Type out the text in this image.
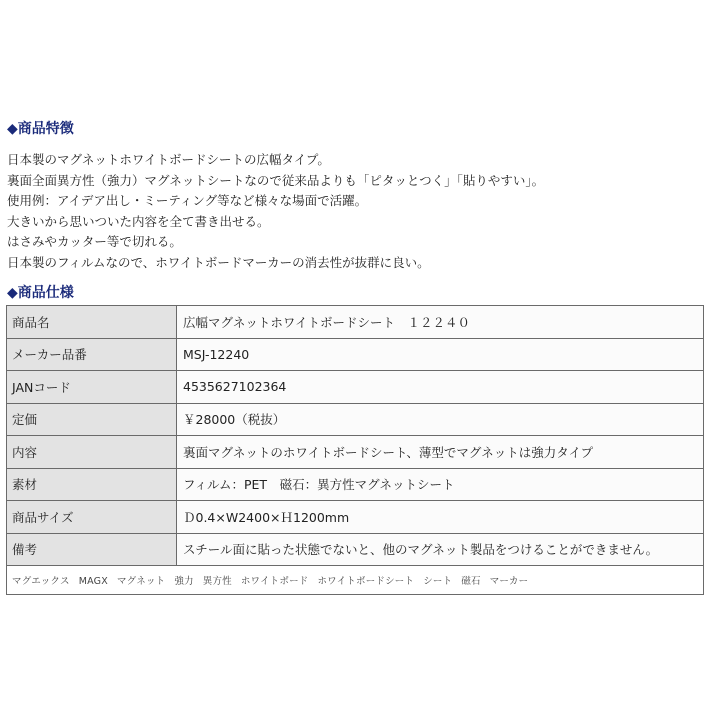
◆商品特徴
日本製のマグネットホワイトボードシートの広幅タイプ。
裏面全面異方性（強力）マグネットシートなので従来品よりも「ピタッとつく」「貼りやすい」。
使用例：アイデア出し・ミーティング等など様々な場面で活躍。
大きいから思いついた内容を全て書き出せる。
はさみやカッター等で切れる。
日本製のフィルムなので、ホワイトボードマーカーの消去性が抜群に良い。
◆商品仕様
商品名	広幅マグネットホワイトボードシート　１２２４０
メーカー品番	MSJ-12240
JANコード	4535627102364
定価	￥28000（税抜）
内容	裏面マグネットのホワイトボードシート、薄型でマグネットは強力タイプ
素材	フィルム：PET　磁石：異方性マグネットシート
商品サイズ	Ｄ0.4×W2400×Ｈ1200mm
備考	スチール面に貼った状態でないと、他のマグネット製品をつけることができません。
マグエックス MAGX マグネット 強力 異方性 ホワイトボード ホワイトボードシート シート 磁石 マーカー	
